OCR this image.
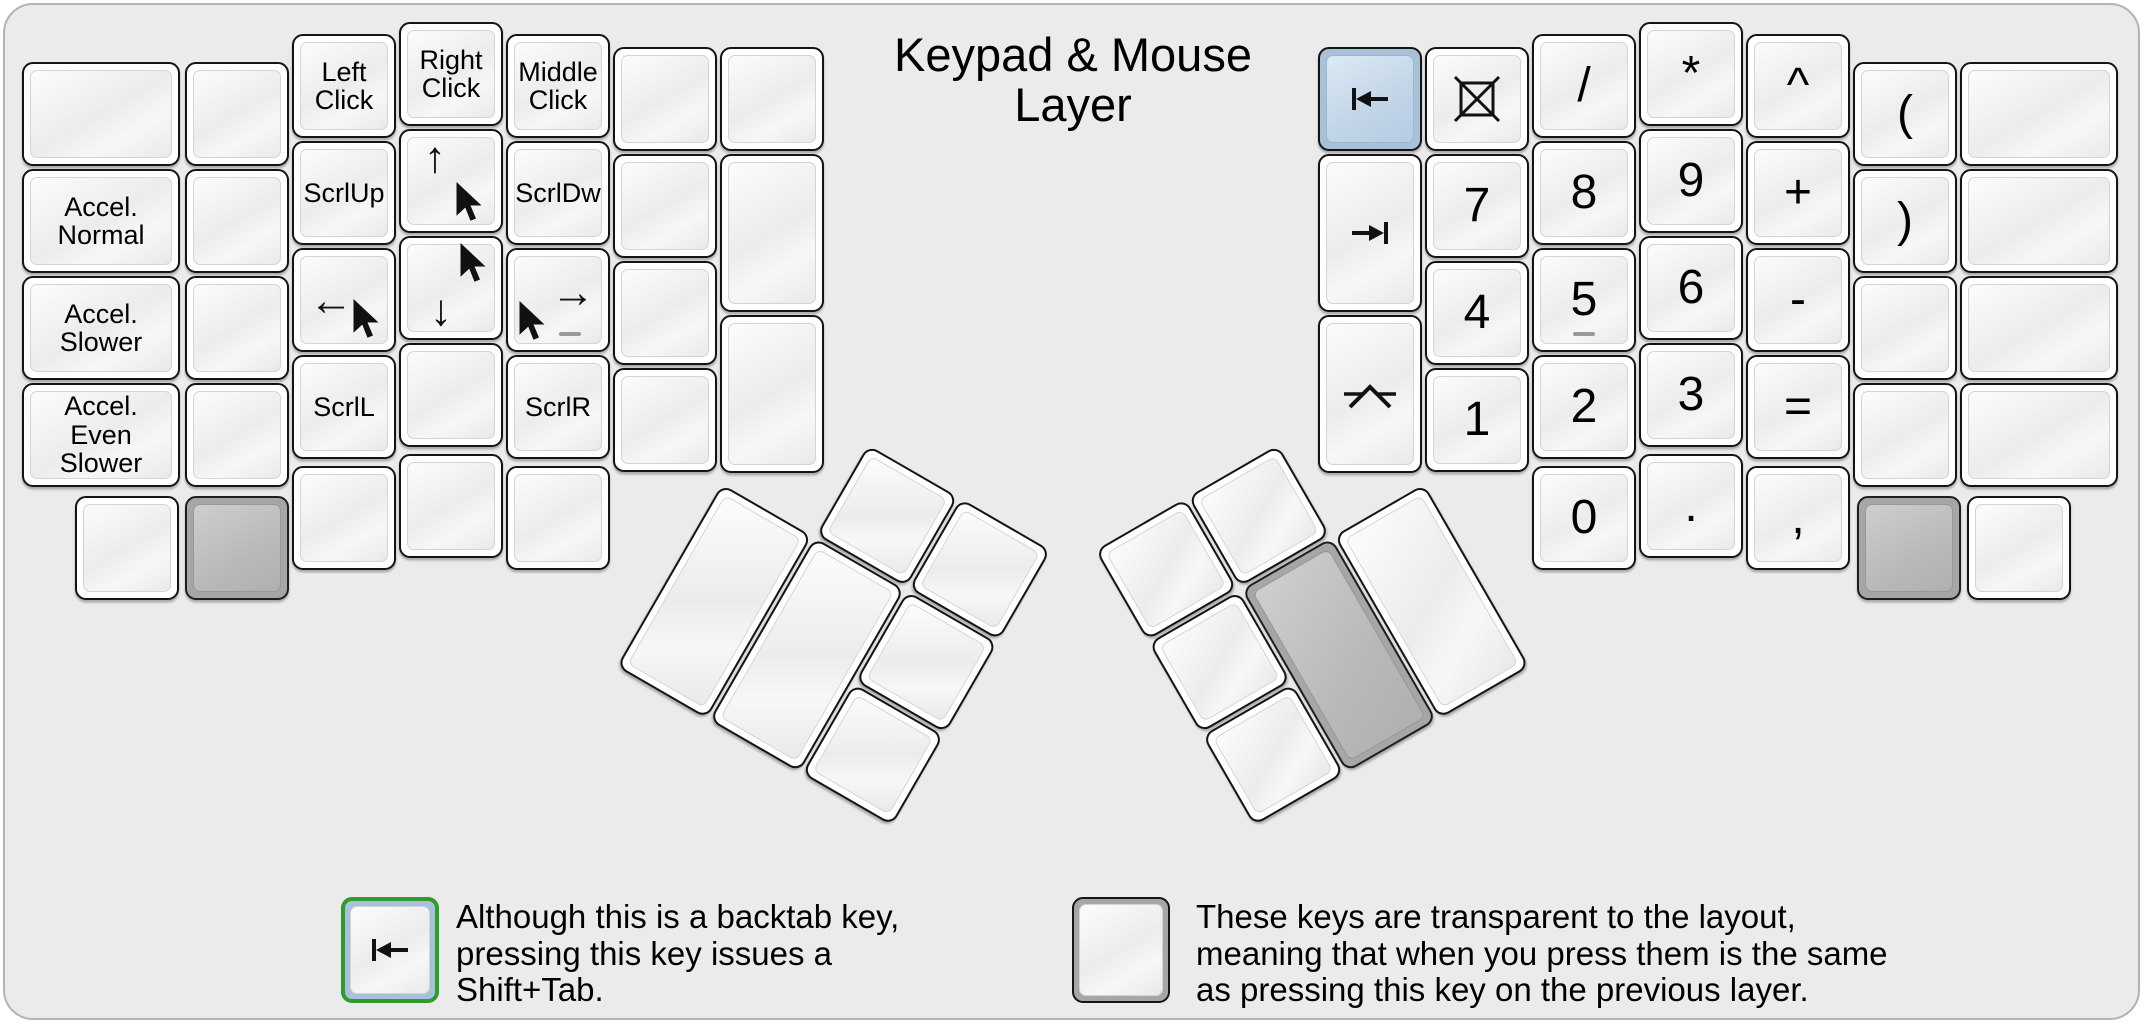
Keypad & Mouse
Layer
Although this is a backtab key,
pressing this key issues a
Shift+Tab.
These keys are transparent to the layout,
meaning that when you press them is the same
as pressing this key on the previous layer.
Accel.
Normal
Accel.
Slower
Accel.
Even
Slower
Left
Click
ScrlUp
←
ScrlL
Right
Click
↑
↓
Middle
Click
ScrlDw
→
ScrlR
7
4
1
/
8
5
2
0
*
9
6
3
.
^
+
-
=
,
(
)
